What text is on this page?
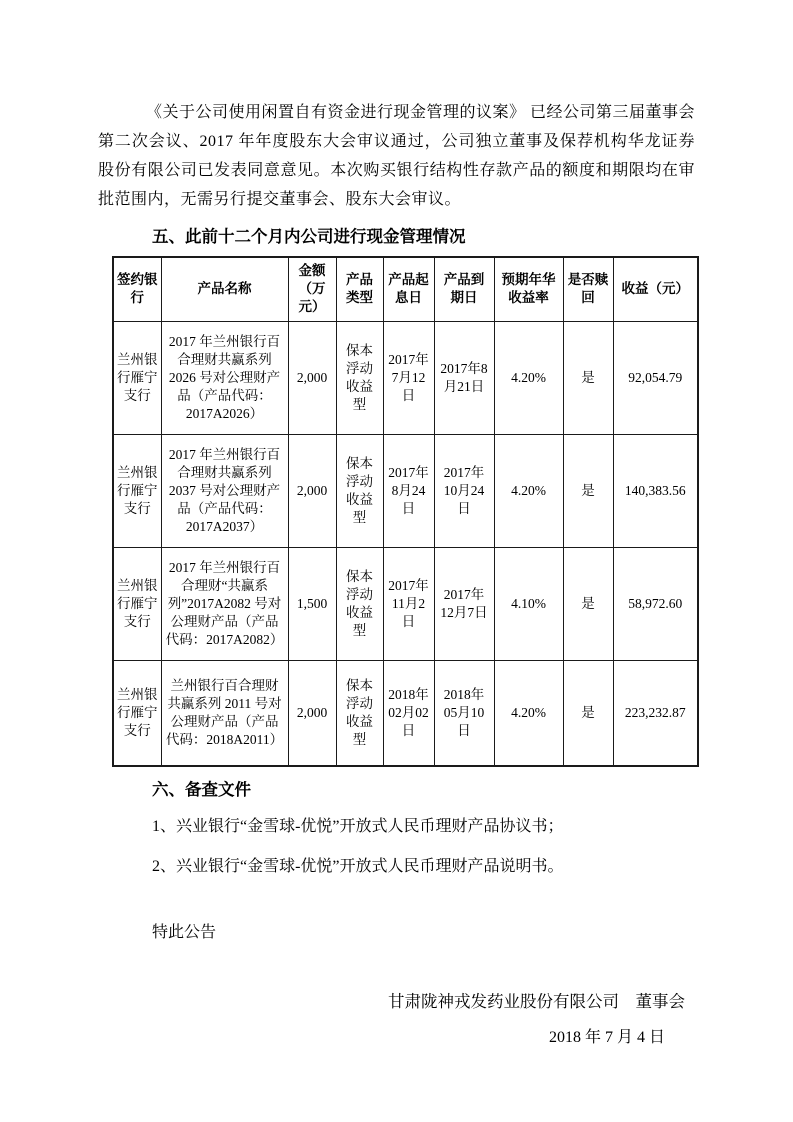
《关于公司使用闲置自有资金进行现金管理的议案》 已经公司第三届董事会第二次会议、2017 年年度股东大会审议通过，公司独立董事及保荐机构华龙证券股份有限公司已发表同意意见。本次购买银行结构性存款产品的额度和期限均在审批范围内，无需另行提交董事会、股东大会审议。

五、此前十二个月内公司进行现金管理情况
签约银行	产品名称	金额（万元）	产品类型	产品起息日	产品到期日	预期年华收益率	是否赎回	收益（元）
兰州银行雁宁支行	2017 年兰州银行百合理财共赢系列 2026 号对公理财产品（产品代码：2017A2026）	2,000	保本浮动收益型	2017年7月12日	2017年8月21日	4.20%	是	92,054.79
兰州银行雁宁支行	2017 年兰州银行百合理财共赢系列 2037 号对公理财产品（产品代码：2017A2037）	2,000	保本浮动收益型	2017年8月24日	2017年10月24日	4.20%	是	140,383.56
兰州银行雁宁支行	2017 年兰州银行百合理财“共赢系列”2017A2082 号对公理财产品（产品代码：2017A2082）	1,500	保本浮动收益型	2017年11月2日	2017年12月7日	4.10%	是	58,972.60
兰州银行雁宁支行	兰州银行百合理财共赢系列 2011 号对公理财产品（产品代码：2018A2011）	2,000	保本浮动收益型	2018年02月02日	2018年05月10日	4.20%	是	223,232.87
六、备查文件
1、兴业银行“金雪球-优悦”开放式人民币理财产品协议书；
2、兴业银行“金雪球-优悦”开放式人民币理财产品说明书。
特此公告
甘肃陇神戎发药业股份有限公司　董事会
2018 年 7 月 4 日
